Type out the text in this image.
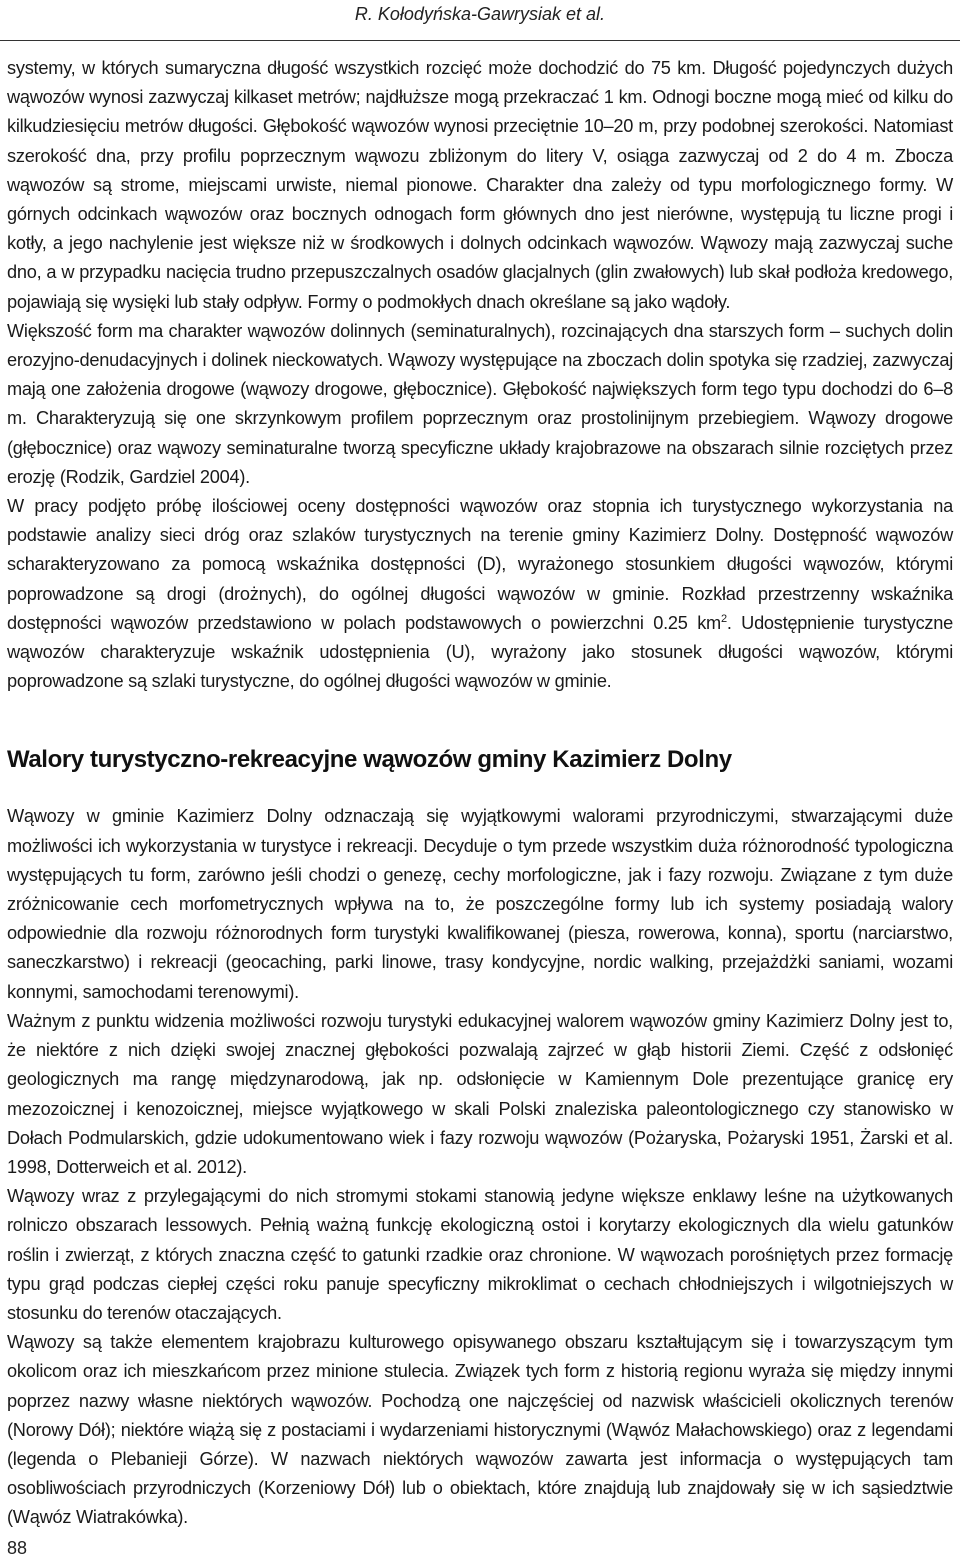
R. Kołodyńska-Gawrysiak et al.

systemy, w których sumaryczna długość wszystkich rozcięć może dochodzić do 75 km. Długość pojedynczych dużych wąwozów wynosi zazwyczaj kilkaset metrów; najdłuższe mogą przekraczać 1 km. Odnogi boczne mogą mieć od kilku do kilkudziesięciu metrów długości. Głębokość wąwozów wynosi przeciętnie 10–20 m, przy podobnej szerokości. Natomiast szerokość dna, przy profilu poprzecznym wąwozu zbliżonym do litery V, osiąga zazwyczaj od 2 do 4 m. Zbocza wąwozów są strome, miejscami urwiste, niemal pionowe. Charakter dna zależy od typu morfologicznego formy. W górnych odcinkach wąwozów oraz bocznych odnogach form głównych dno jest nierówne, występują tu liczne progi i kotły, a jego nachylenie jest większe niż w środkowych i dolnych odcinkach wąwozów. Wąwozy mają zazwyczaj suche dno, a w przypadku nacięcia trudno przepuszczalnych osadów glacjalnych (glin zwałowych) lub skał podłoża kredowego, pojawiają się wysięki lub stały odpływ. Formy o podmokłych dnach określane są jako wądoły.

Większość form ma charakter wąwozów dolinnych (seminaturalnych), rozcinających dna starszych form – suchych dolin erozyjno-denudacyjnych i dolinek nieckowatych. Wąwozy występujące na zboczach dolin spotyka się rzadziej, zazwyczaj mają one założenia drogowe (wąwozy drogowe, głębocznice). Głębokość największych form tego typu dochodzi do 6–8 m. Charakteryzują się one skrzynkowym profilem poprzecznym oraz prostolinijnym przebiegiem. Wąwozy drogowe (głębocznice) oraz wąwozy seminaturalne tworzą specyficzne układy krajobrazowe na obszarach silnie rozciętych przez erozję (Rodzik, Gardziel 2004).

W pracy podjęto próbę ilościowej oceny dostępności wąwozów oraz stopnia ich turystycznego wykorzystania na podstawie analizy sieci dróg oraz szlaków turystycznych na terenie gminy Kazimierz Dolny. Dostępność wąwozów scharakteryzowano za pomocą wskaźnika dostępności (D), wyrażonego stosunkiem długości wąwozów, którymi poprowadzone są drogi (drożnych), do ogólnej długości wąwozów w gminie. Rozkład przestrzenny wskaźnika dostępności wąwozów przedstawiono w polach podstawowych o powierzchni 0.25 $km^2$. Udostępnienie turystyczne wąwozów charakteryzuje wskaźnik udostępnienia (U), wyrażony jako stosunek długości wąwozów, którymi poprowadzone są szlaki turystyczne, do ogólnej długości wąwozów w gminie.

Walory turystyczno-rekreacyjne wąwozów gminy Kazimierz Dolny

Wąwozy w gminie Kazimierz Dolny odznaczają się wyjątkowymi walorami przyrodniczymi, stwarzającymi duże możliwości ich wykorzystania w turystyce i rekreacji. Decyduje o tym przede wszystkim duża różnorodność typologiczna występujących tu form, zarówno jeśli chodzi o genezę, cechy morfologiczne, jak i fazy rozwoju. Związane z tym duże zróżnicowanie cech morfometrycznych wpływa na to, że poszczególne formy lub ich systemy posiadają walory odpowiednie dla rozwoju różnorodnych form turystyki kwalifikowanej (piesza, rowerowa, konna), sportu (narciarstwo, saneczkarstwo) i rekreacji (geocaching, parki linowe, trasy kondycyjne, nordic walking, przejażdżki saniami, wozami konnymi, samochodami terenowymi).

Ważnym z punktu widzenia możliwości rozwoju turystyki edukacyjnej walorem wąwozów gminy Kazimierz Dolny jest to, że niektóre z nich dzięki swojej znacznej głębokości pozwalają zajrzeć w głąb historii Ziemi. Część z odsłonięć geologicznych ma rangę międzynarodową, jak np. odsłonięcie w Kamiennym Dole prezentujące granicę ery mezozoicznej i kenozoicznej, miejsce wyjątkowego w skali Polski znaleziska paleontologicznego czy stanowisko w Dołach Podmularskich, gdzie udokumentowano wiek i fazy rozwoju wąwozów (Pożaryska, Pożaryski 1951, Żarski et al. 1998, Dotterweich et al. 2012).

Wąwozy wraz z przylegającymi do nich stromymi stokami stanowią jedyne większe enklawy leśne na użytkowanych rolniczo obszarach lessowych. Pełnią ważną funkcję ekologiczną ostoi i korytarzy ekologicznych dla wielu gatunków roślin i zwierząt, z których znaczna część to gatunki rzadkie oraz chronione. W wąwozach porośniętych przez formację typu grąd podczas ciepłej części roku panuje specyficzny mikroklimat o cechach chłodniejszych i wilgotniejszych w stosunku do terenów otaczających.

Wąwozy są także elementem krajobrazu kulturowego opisywanego obszaru kształtującym się i towarzyszącym tym okolicom oraz ich mieszkańcom przez minione stulecia. Związek tych form z historią regionu wyraża się między innymi poprzez nazwy własne niektórych wąwozów. Pochodzą one najczęściej od nazwisk właścicieli okolicznych terenów (Norowy Dół); niektóre wiążą się z postaciami i wydarzeniami historycznymi (Wąwóz Małachowskiego) oraz z legendami (legenda o Plebanieji Górze). W nazwach niektórych wąwozów zawarta jest informacja o występujących tam osobliwościach przyrodniczych (Korzeniowy Dół) lub o obiektach, które znajdują lub znajdowały się w ich sąsiedztwie (Wąwóz Wiatrakówka).

88
